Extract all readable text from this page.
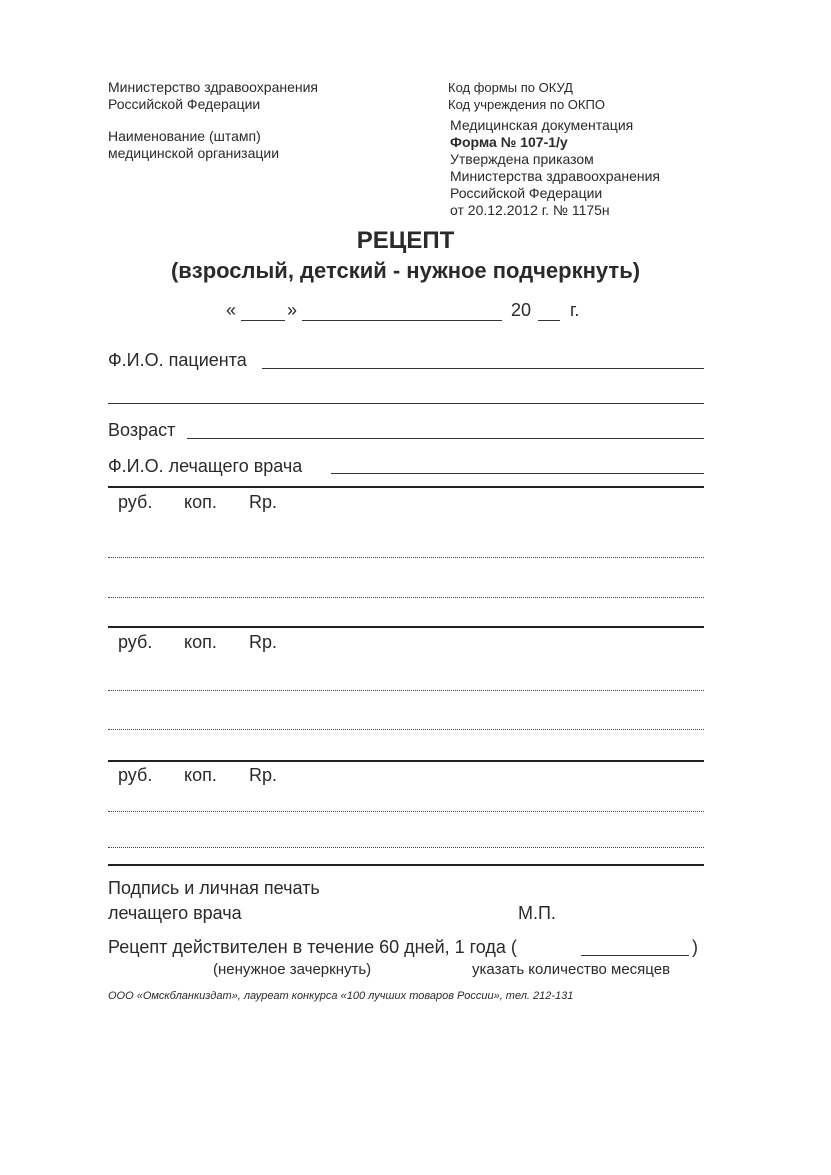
Министерство здравоохранения
Российской Федерации
Наименование (штамп)
медицинской организации
Код формы по ОКУД
Код учреждения по ОКПО
Медицинская документация
Форма № 107-1/у
Утверждена приказом
Министерства здравоохранения
Российской Федерации
от 20.12.2012 г. № 1175н
РЕЦЕПТ
(взрослый, детский - нужное подчеркнуть)
«	»	20 г.
Ф.И.О. пациента
Возраст
Ф.И.О. лечащего врача
руб. коп. Rp.
руб. коп. Rp.
руб. коп. Rp.
Подпись и личная печать
лечащего врача	М.П.
Рецепт действителен в течение 60 дней, 1 года (	)
(ненужное зачеркнуть)	указать количество месяцев
ООО «Омскбланкиздат», лауреат конкурса «100 лучших товаров России», тел. 212-131
